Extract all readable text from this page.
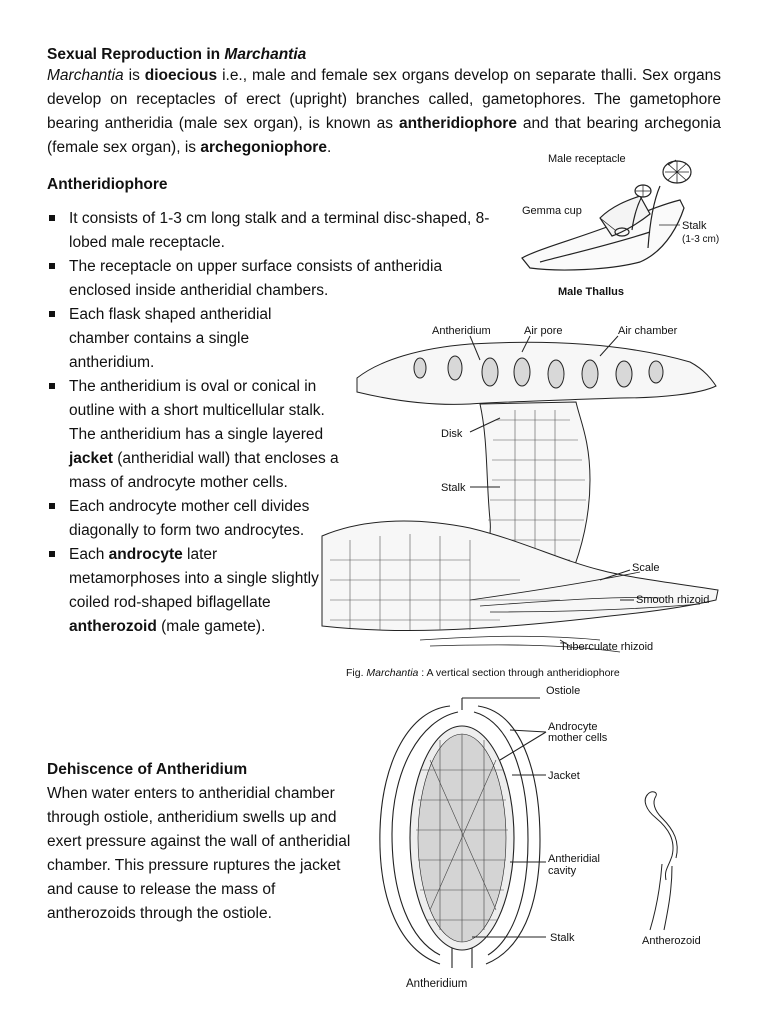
Sexual Reproduction in Marchantia

Marchantia is dioecious i.e., male and female sex organs develop on separate thalli. Sex organs develop on receptacles of erect (upright) branches called, gametophores. The gametophore bearing antheridia (male sex organ), is known as antheridiophore and that bearing archegonia (female sex organ), is archegoniophore.

Antheridiophore
It consists of 1-3 cm long stalk and a terminal disc-shaped, 8- lobed male receptacle.
The receptacle on upper surface consists of antheridia enclosed inside antheridial chambers.
Each flask shaped antheridial chamber contains a single antheridium.
The antheridium is oval or conical in outline with a short multicellular stalk. The antheridium has a single layered jacket (antheridial wall) that encloses a mass of androcyte mother cells.
Each androcyte mother cell divides diagonally to form two androcytes.
Each androcyte later metamorphoses into a single slightly coiled rod-shaped biflagellate antherozoid (male gamete).
Dehiscence of Antheridium
When water enters to antheridial chamber through ostiole, antheridium swells up and exert pressure against the wall of antheridial chamber. This pressure ruptures the jacket and cause to release the mass of antherozoids through the ostiole.
Male receptacle
Gemma cup
Stalk
(1-3 cm)
Male Thallus
Antheridium	Air pore	Air chamber
Disk
Stalk
Scale
Smooth rhizoid
Tuberculate rhizoid
Fig. Marchantia : A vertical section through antheridiophore
Ostiole
Androcyte
mother cells
Jacket
Antheridial
cavity
Stalk
Antheridium
Antherozoid
